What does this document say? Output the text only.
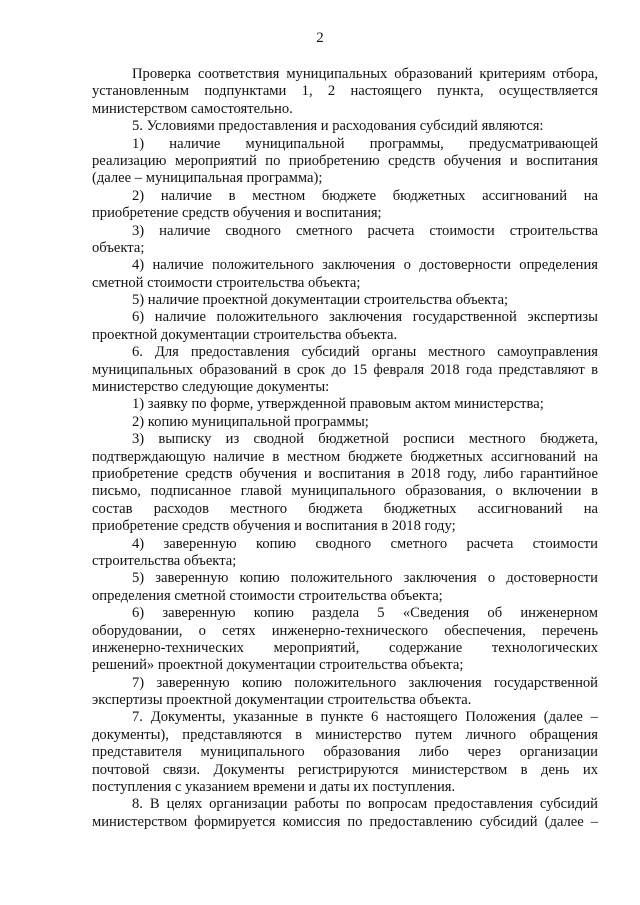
2
Проверка соответствия муниципальных образований критериям отбора,
установленным подпунктами 1, 2 настоящего пункта, осуществляется
министерством самостоятельно.
5. Условиями предоставления и расходования субсидий являются:
1) наличие муниципальной программы, предусматривающей
реализацию мероприятий по приобретению средств обучения и воспитания
(далее – муниципальная программа);
2) наличие в местном бюджете бюджетных ассигнований на
приобретение средств обучения и воспитания;
3) наличие сводного сметного расчета стоимости строительства
объекта;
4) наличие положительного заключения о достоверности определения
сметной стоимости строительства объекта;
5) наличие проектной документации строительства объекта;
6) наличие положительного заключения государственной экспертизы
проектной документации строительства объекта.
6. Для предоставления субсидий органы местного самоуправления
муниципальных образований в срок до 15 февраля 2018 года представляют в
министерство следующие документы:
1) заявку по форме, утвержденной правовым актом министерства;
2) копию муниципальной программы;
3) выписку из сводной бюджетной росписи местного бюджета,
подтверждающую наличие в местном бюджете бюджетных ассигнований на
приобретение средств обучения и воспитания в 2018 году, либо гарантийное
письмо, подписанное главой муниципального образования, о включении в
состав расходов местного бюджета бюджетных ассигнований на
приобретение средств обучения и воспитания в 2018 году;
4) заверенную копию сводного сметного расчета стоимости
строительства объекта;
5) заверенную копию положительного заключения о достоверности
определения сметной стоимости строительства объекта;
6) заверенную копию раздела 5 «Сведения об инженерном
оборудовании, о сетях инженерно-технического обеспечения, перечень
инженерно-технических мероприятий, содержание технологических
решений» проектной документации строительства объекта;
7) заверенную копию положительного заключения государственной
экспертизы проектной документации строительства объекта.
7. Документы, указанные в пункте 6 настоящего Положения (далее –
документы), представляются в министерство путем личного обращения
представителя муниципального образования либо через организации
почтовой связи. Документы регистрируются министерством в день их
поступления с указанием времени и даты их поступления.
8. В целях организации работы по вопросам предоставления субсидий
министерством формируется комиссия по предоставлению субсидий (далее –
